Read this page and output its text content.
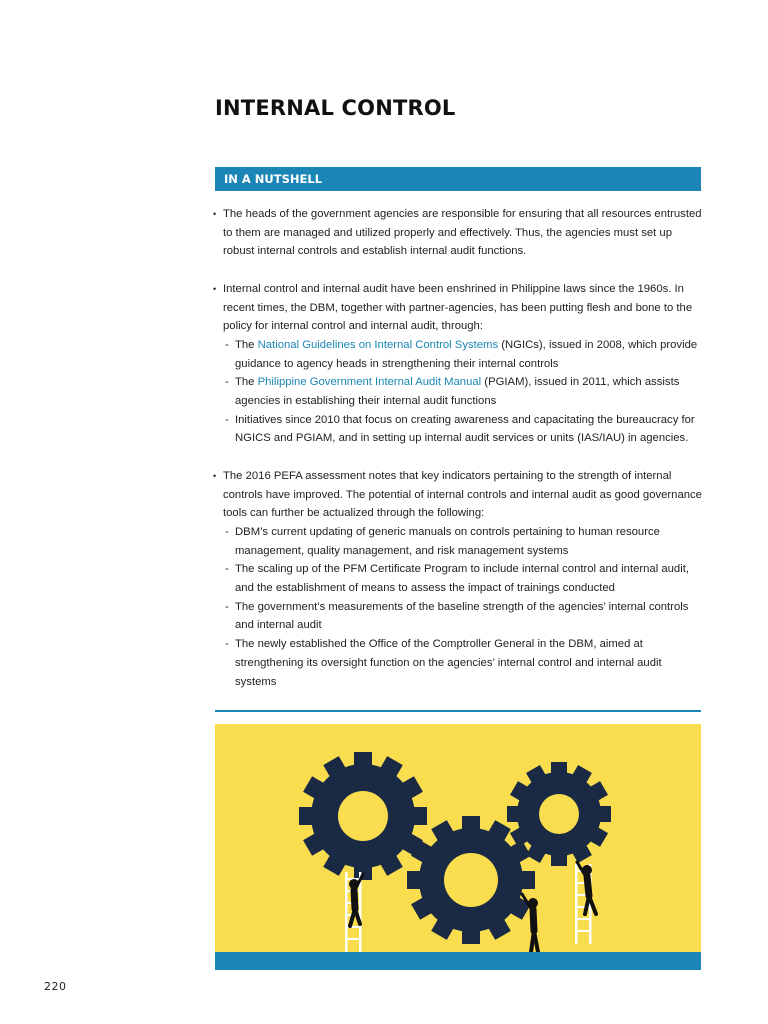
INTERNAL CONTROL
IN A NUTSHELL

• The heads of the government agencies are responsible for ensuring that all resources entrusted to them are managed and utilized properly and effectively. Thus, the agencies must set up robust internal controls and establish internal audit functions.

• Internal control and internal audit have been enshrined in Philippine laws since the 1960s. In recent times, the DBM, together with partner-agencies, has been putting flesh and bone to the policy for internal control and internal audit, through:

- The National Guidelines on Internal Control Systems (NGICs), issued in 2008, which provide guidance to agency heads in strengthening their internal controls
- The Philippine Government Internal Audit Manual (PGIAM), issued in 2011, which assists agencies in establishing their internal audit functions
- Initiatives since 2010 that focus on creating awareness and capacitating the bureaucracy for NGICS and PGIAM, and in setting up internal audit services or units (IAS/IAU) in agencies.

• The 2016 PEFA assessment notes that key indicators pertaining to the strength of internal controls have improved. The potential of internal controls and internal audit as good governance tools can further be actualized through the following:

- DBM’s current updating of generic manuals on controls pertaining to human resource management, quality management, and risk management systems
- The scaling up of the PFM Certificate Program to include internal control and internal audit, and the establishment of means to assess the impact of trainings conducted
- The government’s measurements of the baseline strength of the agencies’ internal controls and internal audit
- The newly established the Office of the Comptroller General in the DBM, aimed at strengthening its oversight function on the agencies’ internal control and internal audit systems
220
